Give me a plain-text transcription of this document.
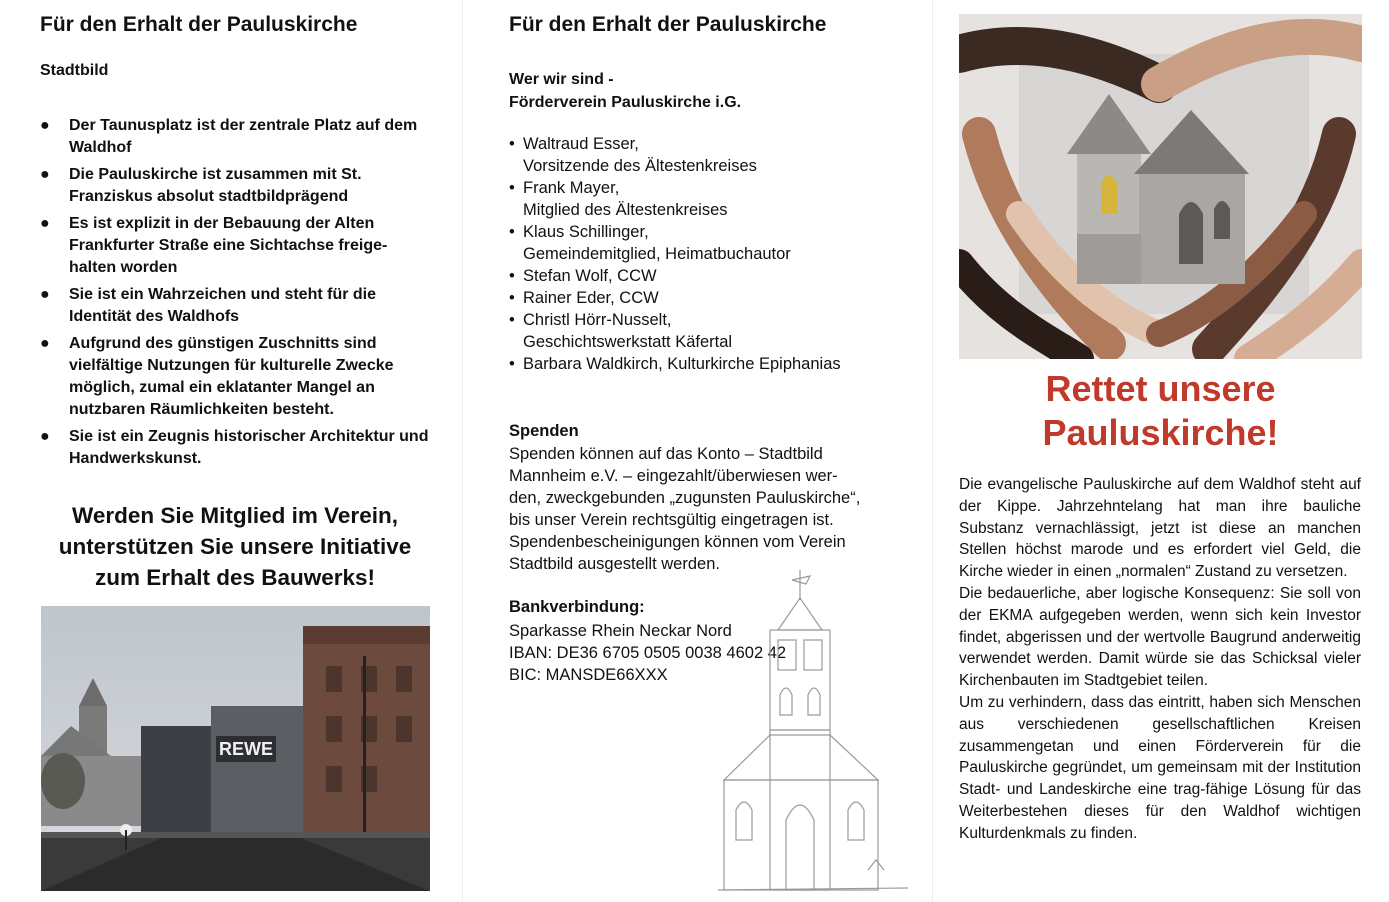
Für den Erhalt der Pauluskirche
Stadtbild
● Der Taunusplatz ist der zentrale Platz auf dem Waldhof
● Die Pauluskirche ist zusammen mit St. Franziskus absolut stadtbildprägend
● Es ist explizit in der Bebauung der Alten Frankfurter Straße eine Sichtachse freige-halten worden
● Sie ist ein Wahrzeichen und steht für die Identität des Waldhofs
● Aufgrund des günstigen Zuschnitts sind vielfältige Nutzungen für kulturelle Zwecke möglich, zumal ein eklatanter Mangel an nutzbaren Räumlichkeiten besteht.
● Sie ist ein Zeugnis historischer Architektur und Handwerkskunst.
Werden Sie Mitglied im Verein, unterstützen Sie unsere Initiative zum Erhalt des Bauwerks!
REWE
Für den Erhalt der Pauluskirche
Wer wir sind -
Förderverein Pauluskirche i.G.
• Waltraud Esser,
Vorsitzende des Ältestenkreises
• Frank Mayer,
Mitglied des Ältestenkreises
• Klaus Schillinger,
Gemeindemitglied, Heimatbuchautor
• Stefan Wolf, CCW
• Rainer Eder, CCW
• Christl Hörr-Nusselt,
Geschichtswerkstatt Käfertal
• Barbara Waldkirch, Kulturkirche Epiphanias
Spenden
Spenden können auf das Konto – Stadtbild
Mannheim e.V. – eingezahlt/überwiesen wer-
den, zweckgebunden „zugunsten Pauluskirche“,
bis unser Verein rechtsgültig eingetragen ist.
Spendenbescheinigungen können vom Verein
Stadtbild ausgestellt werden.
Bankverbindung:
Sparkasse Rhein Neckar Nord
IBAN: DE36 6705 0505 0038 4602 42
BIC: MANSDE66XXX
Rettet unsere
Pauluskirche!

Die evangelische Pauluskirche auf dem Waldhof steht auf der Kippe. Jahrzehntelang hat man ihre bauliche Substanz vernachlässigt, jetzt ist diese an manchen Stellen höchst marode und es erfordert viel Geld, die Kirche wieder in einen „normalen“ Zustand zu versetzen.

Die bedauerliche, aber logische Konsequenz: Sie soll von der EKMA aufgegeben werden, wenn sich kein Investor findet, abgerissen und der wertvolle Baugrund anderweitig verwendet werden. Damit würde sie das Schicksal vieler Kirchenbauten im Stadtgebiet teilen.

Um zu verhindern, dass das eintritt, haben sich Menschen aus verschiedenen gesellschaftlichen Kreisen zusammengetan und einen Förderverein für die Pauluskirche gegründet, um gemeinsam mit der Institution Stadt- und Landeskirche eine trag-fähige Lösung für das Weiterbestehen dieses für den Waldhof wichtigen Kulturdenkmals zu finden.
